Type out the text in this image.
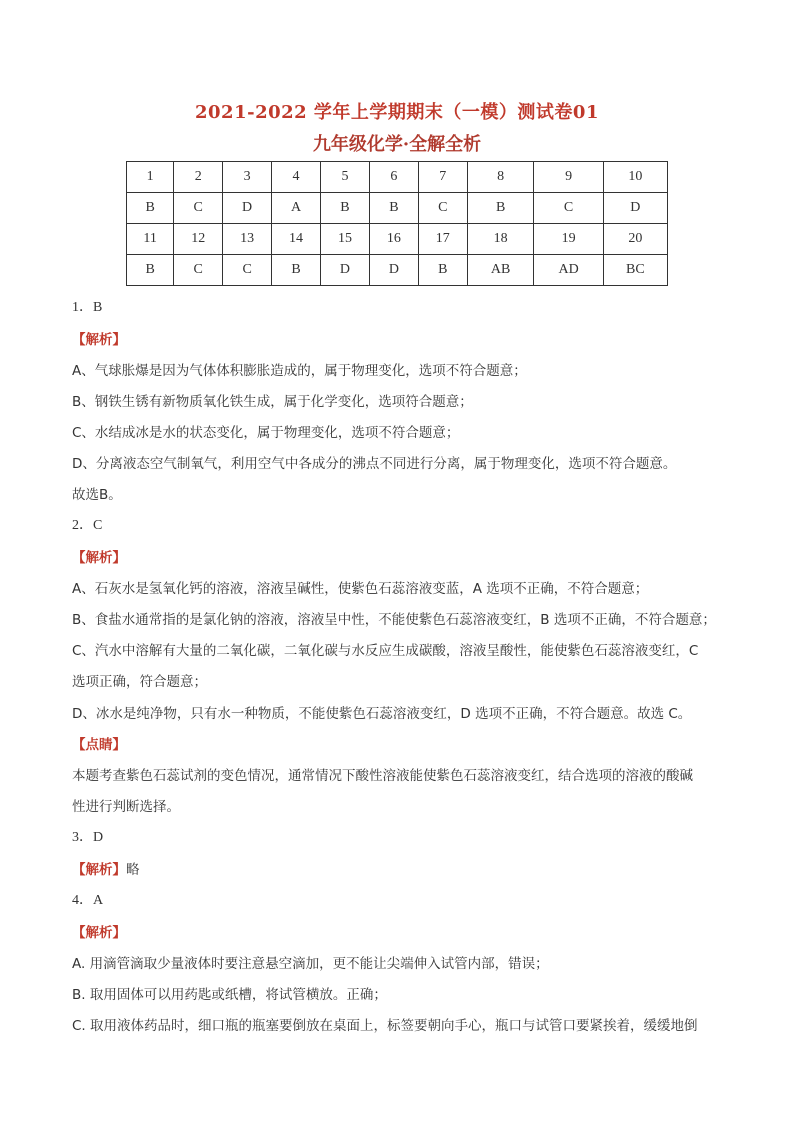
2021-2022 学年上学期期末（一模）测试卷01
九年级化学·全解全析
1	2	3	4	5	6	7	8	9	10
B	C	D	A	B	B	C	B	C	D
11	12	13	14	15	16	17	18	19	20
B	C	C	B	D	D	B	AB	AD	BC
1．B
【解析】
A、气球胀爆是因为气体体积膨胀造成的，属于物理变化，选项不符合题意；
B、钢铁生锈有新物质氧化铁生成，属于化学变化，选项符合题意；
C、水结成冰是水的状态变化，属于物理变化，选项不符合题意；
D、分离液态空气制氧气，利用空气中各成分的沸点不同进行分离，属于物理变化，选项不符合题意。
故选B。
2．C
【解析】
A、石灰水是氢氧化钙的溶液，溶液呈碱性，使紫色石蕊溶液变蓝，A 选项不正确，不符合题意；
B、食盐水通常指的是氯化钠的溶液，溶液呈中性，不能使紫色石蕊溶液变红，B 选项不正确，不符合题意；
C、汽水中溶解有大量的二氧化碳，二氧化碳与水反应生成碳酸，溶液呈酸性，能使紫色石蕊溶液变红，C
选项正确，符合题意；
D、冰水是纯净物，只有水一种物质，不能使紫色石蕊溶液变红，D 选项不正确，不符合题意。故选 C。
【点睛】
本题考查紫色石蕊试剂的变色情况，通常情况下酸性溶液能使紫色石蕊溶液变红，结合选项的溶液的酸碱
性进行判断选择。
3．D
【解析】略
4．A
【解析】
A. 用滴管滴取少量液体时要注意悬空滴加，更不能让尖端伸入试管内部，错误；
B. 取用固体可以用药匙或纸槽，将试管横放。正确；
C. 取用液体药品时，细口瓶的瓶塞要倒放在桌面上，标签要朝向手心，瓶口与试管口要紧挨着，缓缓地倒
